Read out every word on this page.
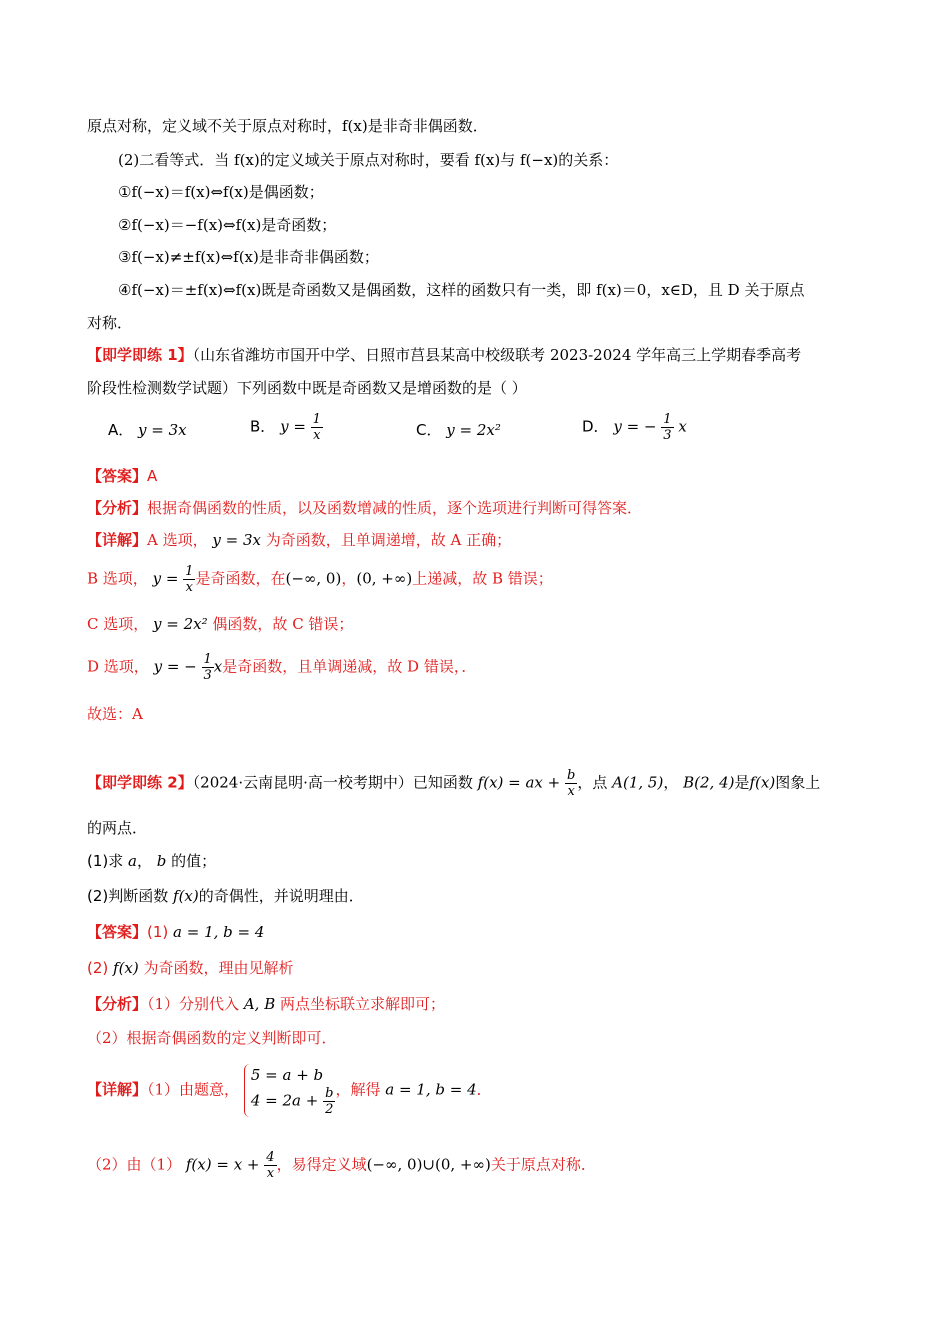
原点对称，定义域不关于原点对称时，f(x)是非奇非偶函数．
(2)二看等式．当 f(x)的定义域关于原点对称时，要看 f(x)与 f(−x)的关系：
①f(−x)＝f(x)⇔f(x)是偶函数；
②f(−x)＝−f(x)⇔f(x)是奇函数；
③f(−x)≠±f(x)⇔f(x)是非奇非偶函数；
④f(−x)＝±f(x)⇔f(x)既是奇函数又是偶函数，这样的函数只有一类，即 f(x)＝0，x∈D，且 D 关于原点
对称．
【即学即练 1】（山东省潍坊市国开中学、日照市莒县某高中校级联考 2023-2024 学年高三上学期春季高考
阶段性检测数学试题）下列函数中既是奇函数又是增函数的是（ ）
A． y = 3x	B． $y = \frac{1}{x}$	C． y = 2x²	D． y = − $\frac{1}{3}$ x
【答案】A
【分析】根据奇偶函数的性质，以及函数增减的性质，逐个选项进行判断可得答案．
【详解】A 选项， y = 3x 为奇函数，且单调递增，故 A 正确；
B 选项， $y = \frac{1}{x}$ 是奇函数，在(−∞, 0)，(0, +∞)上递减，故 B 错误；
C 选项， y = 2x² 偶函数，故 C 错误；
D 选项， y = − $\frac{1}{3}$ x是奇函数，且单调递减，故 D 错误，．
故选：A
【即学即练 2】（2024·云南昆明·高一校考期中）已知函数 f(x) = ax + $\frac{b}{x}$ ，点 A(1, 5)， B(2, 4)是f(x)图象上
的两点．
(1)求 a， b 的值；
(2)判断函数 f(x)的奇偶性，并说明理由．
【答案】(1) a = 1, b = 4
(2) f(x) 为奇函数，理由见解析
【分析】（1）分别代入 A, B 两点坐标联立求解即可；
（2）根据奇偶函数的定义判断即可．
【详解】（1）由题意，
5 = a + b
$4 = 2a + \frac{b}{2}$ ，解得 a = 1, b = 4．
（2）由（1） $f(x) = x + \frac{4}{x}$ ，易得定义域(−∞, 0)∪(0, +∞)关于原点对称．
